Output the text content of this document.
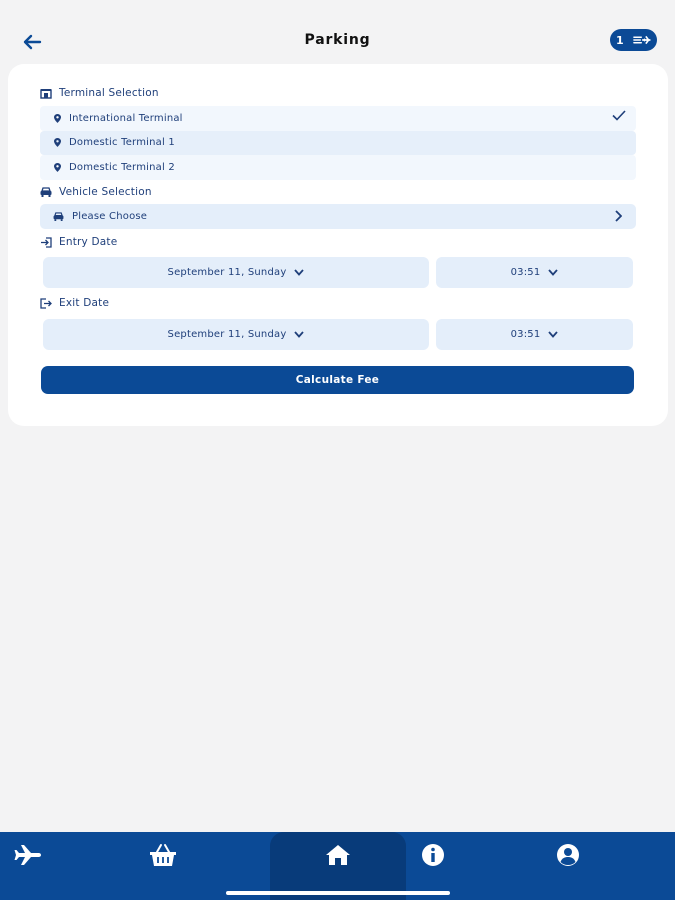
Parking	1
Terminal Selection
International Terminal
Domestic Terminal 1
Domestic Terminal 2
Vehicle Selection
Please Choose
Entry Date
September 11, Sunday	03:51
Exit Date
September 11, Sunday	03:51
Calculate Fee
